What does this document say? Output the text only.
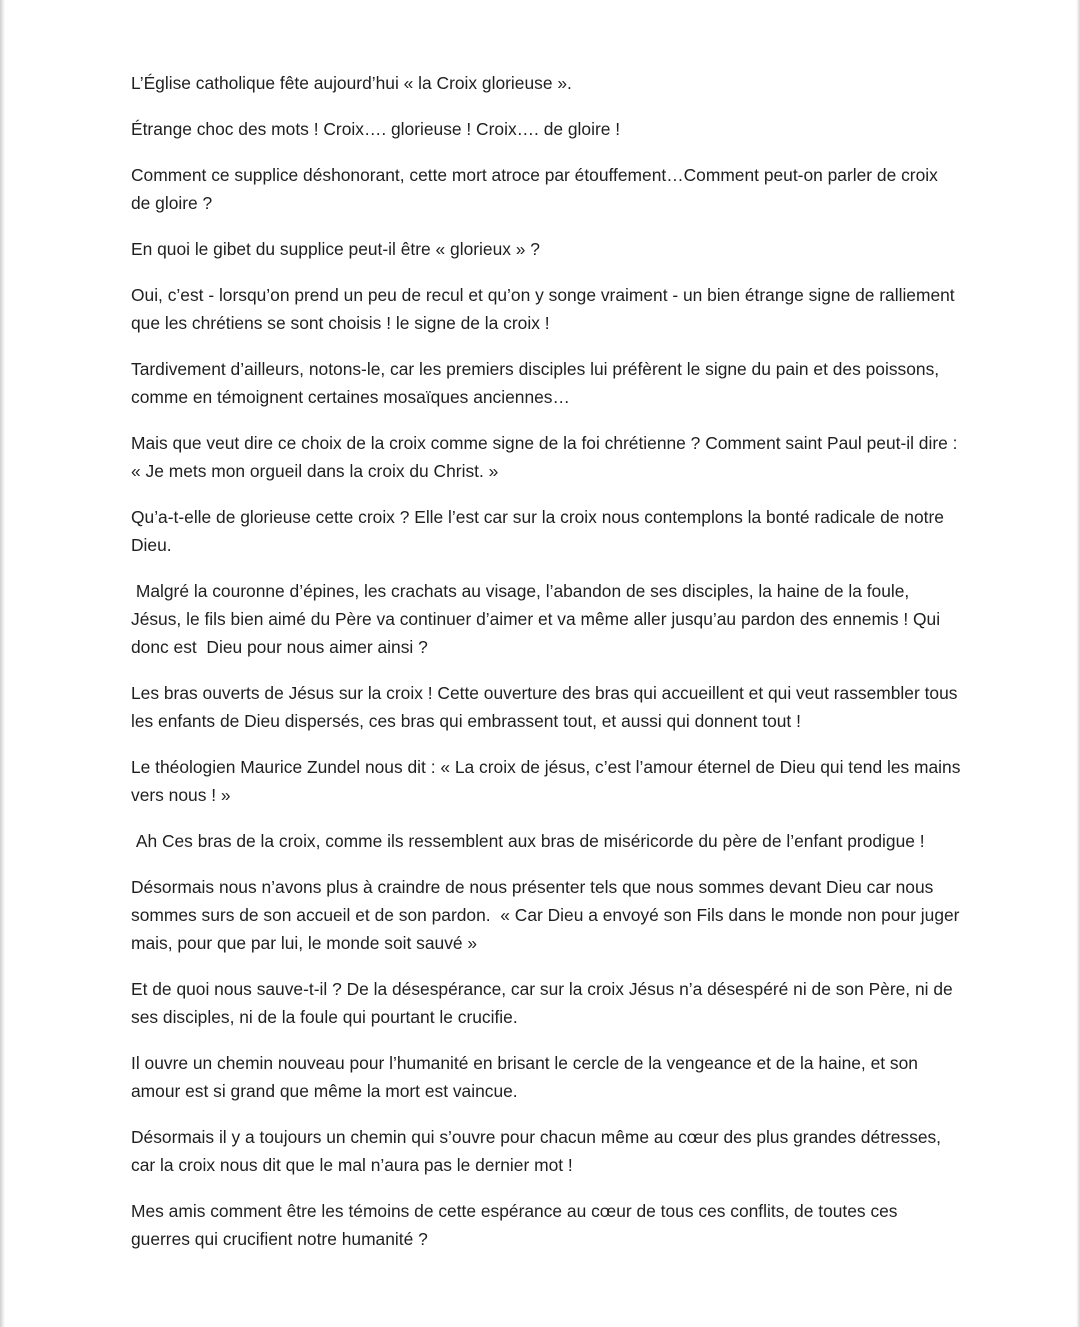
L’Église catholique fête aujourd’hui « la Croix glorieuse ».

Étrange choc des mots ! Croix…. glorieuse ! Croix…. de gloire !

Comment ce supplice déshonorant, cette mort atroce par étouffement…Comment peut-on parler de croix de gloire ?

En quoi le gibet du supplice peut-il être « glorieux » ?

Oui, c’est - lorsqu’on prend un peu de recul et qu’on y songe vraiment - un bien étrange signe de ralliement que les chrétiens se sont choisis ! le signe de la croix !

Tardivement d’ailleurs, notons-le, car les premiers disciples lui préfèrent le signe du pain et des poissons, comme en témoignent certaines mosaïques anciennes…

Mais que veut dire ce choix de la croix comme signe de la foi chrétienne ? Comment saint Paul peut-il dire : « Je mets mon orgueil dans la croix du Christ. »

Qu’a-t-elle de glorieuse cette croix ? Elle l’est car sur la croix nous contemplons la bonté radicale de notre Dieu.

Malgré la couronne d’épines, les crachats au visage, l’abandon de ses disciples, la haine de la foule, Jésus, le fils bien aimé du Père va continuer d’aimer et va même aller jusqu’au pardon des ennemis ! Qui donc est  Dieu pour nous aimer ainsi ?

Les bras ouverts de Jésus sur la croix ! Cette ouverture des bras qui accueillent et qui veut rassembler tous les enfants de Dieu dispersés, ces bras qui embrassent tout, et aussi qui donnent tout !

Le théologien Maurice Zundel nous dit : « La croix de jésus, c’est l’amour éternel de Dieu qui tend les mains vers nous ! »

Ah Ces bras de la croix, comme ils ressemblent aux bras de miséricorde du père de l’enfant prodigue !

Désormais nous n’avons plus à craindre de nous présenter tels que nous sommes devant Dieu car nous sommes surs de son accueil et de son pardon.  « Car Dieu a envoyé son Fils dans le monde non pour juger mais, pour que par lui, le monde soit sauvé »

Et de quoi nous sauve-t-il ? De la désespérance, car sur la croix Jésus n’a désespéré ni de son Père, ni de ses disciples, ni de la foule qui pourtant le crucifie.

Il ouvre un chemin nouveau pour l’humanité en brisant le cercle de la vengeance et de la haine, et son amour est si grand que même la mort est vaincue.

Désormais il y a toujours un chemin qui s’ouvre pour chacun même au cœur des plus grandes détresses,  car la croix nous dit que le mal n’aura pas le dernier mot !

Mes amis comment être les témoins de cette espérance au cœur de tous ces conflits, de toutes ces guerres qui crucifient notre humanité ?
